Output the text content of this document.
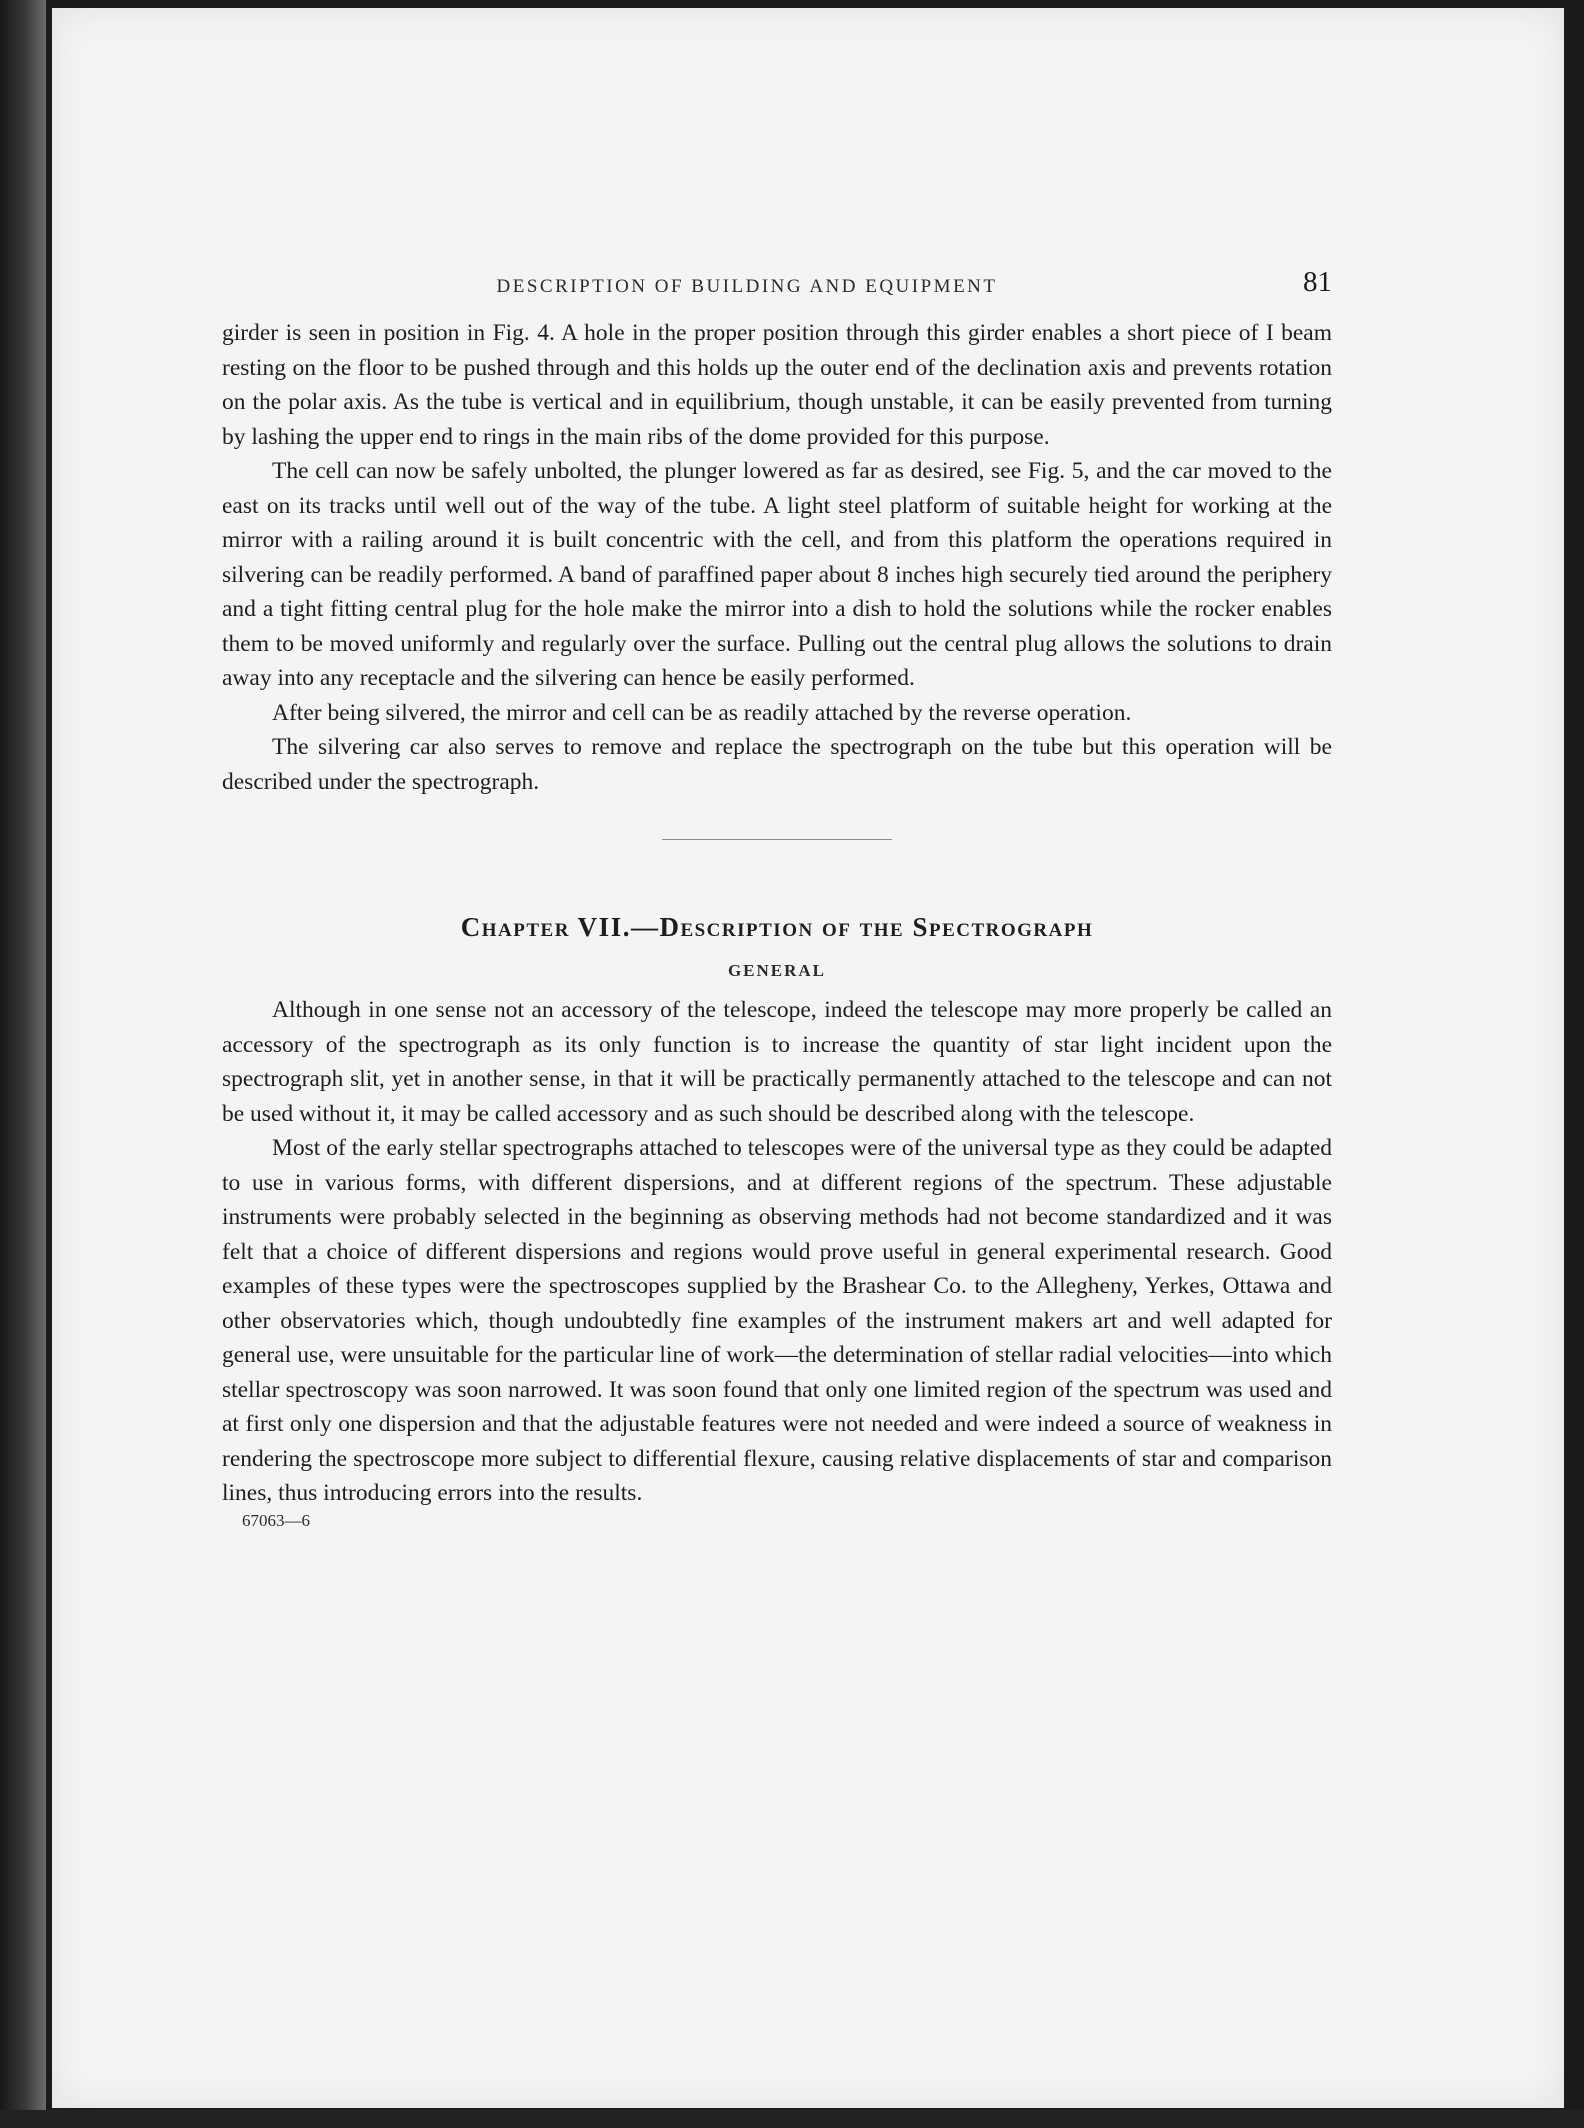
DESCRIPTION OF BUILDING AND EQUIPMENT	81

girder is seen in position in Fig. 4. A hole in the proper position through this girder enables a short piece of I beam resting on the floor to be pushed through and this holds up the outer end of the declination axis and prevents rotation on the polar axis. As the tube is vertical and in equilibrium, though unstable, it can be easily prevented from turning by lashing the upper end to rings in the main ribs of the dome provided for this purpose.

The cell can now be safely unbolted, the plunger lowered as far as desired, see Fig. 5, and the car moved to the east on its tracks until well out of the way of the tube. A light steel platform of suitable height for working at the mirror with a railing around it is built concentric with the cell, and from this platform the operations required in silvering can be readily performed. A band of paraffined paper about 8 inches high securely tied around the periphery and a tight fitting central plug for the hole make the mirror into a dish to hold the solutions while the rocker enables them to be moved uniformly and regularly over the surface. Pulling out the central plug allows the solutions to drain away into any receptacle and the silvering can hence be easily performed.

After being silvered, the mirror and cell can be as readily attached by the reverse operation.

The silvering car also serves to remove and replace the spectrograph on the tube but this operation will be described under the spectrograph.

Chapter VII.—Description of the Spectrograph
GENERAL

Although in one sense not an accessory of the telescope, indeed the telescope may more properly be called an accessory of the spectrograph as its only function is to increase the quantity of star light incident upon the spectrograph slit, yet in another sense, in that it will be practically permanently attached to the telescope and can not be used without it, it may be called accessory and as such should be described along with the telescope.

Most of the early stellar spectrographs attached to telescopes were of the universal type as they could be adapted to use in various forms, with different dispersions, and at different regions of the spectrum. These adjustable instruments were probably selected in the beginning as observing methods had not become standardized and it was felt that a choice of different dispersions and regions would prove useful in general experimental research. Good examples of these types were the spectroscopes supplied by the Brashear Co. to the Allegheny, Yerkes, Ottawa and other observatories which, though undoubtedly fine examples of the instrument makers art and well adapted for general use, were unsuitable for the particular line of work—the determination of stellar radial velocities—into which stellar spectroscopy was soon narrowed. It was soon found that only one limited region of the spectrum was used and at first only one dispersion and that the adjustable features were not needed and were indeed a source of weakness in rendering the spectroscope more subject to differential flexure, causing relative displacements of star and comparison lines, thus introducing errors into the results.

67063—6
